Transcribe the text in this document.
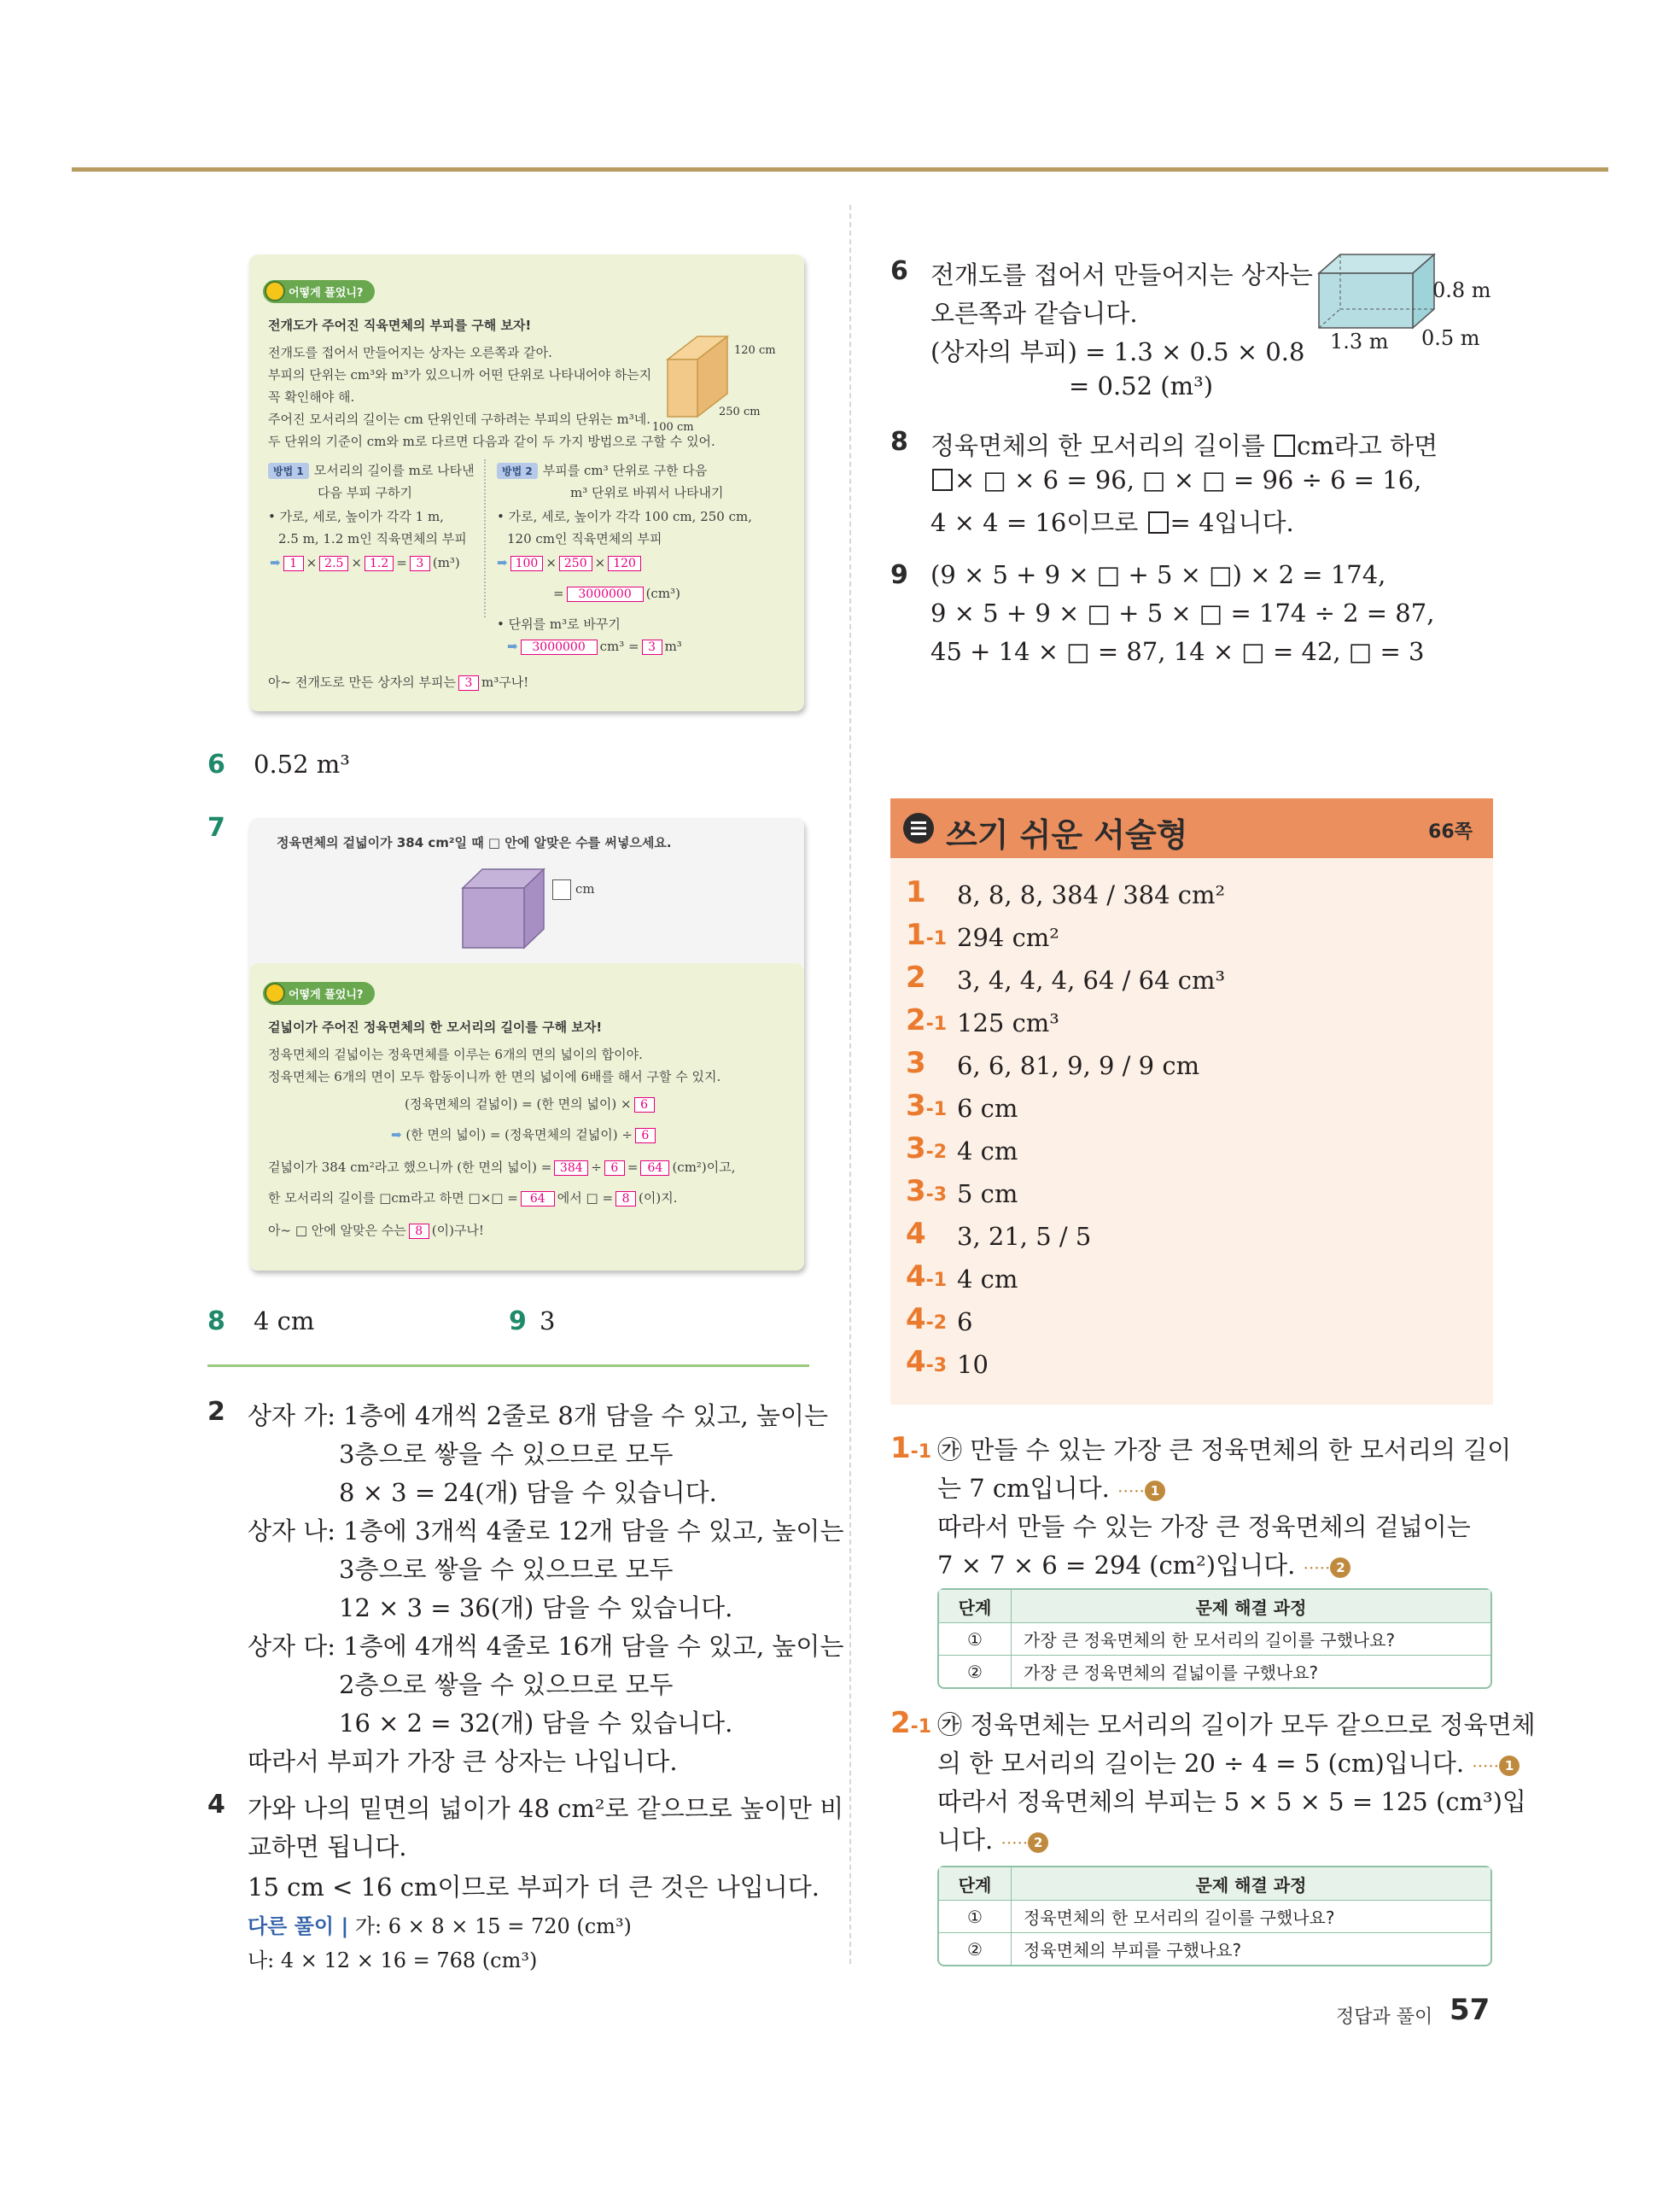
어떻게 풀었니?
전개도가 주어진 직육면체의 부피를 구해 보자!
전개도를 접어서 만들어지는 상자는 오른쪽과 같아.
부피의 단위는 cm³와 m³가 있으니까 어떤 단위로 나타내어야 하는지
꼭 확인해야 해.
주어진 모서리의 길이는 cm 단위인데 구하려는 부피의 단위는 m³네.
두 단위의 기준이 cm와 m로 다르면 다음과 같이 두 가지 방법으로 구할 수 있어.
120 cm
250 cm
100 cm
방법 1 모서리의 길이를 m로 나타낸
다음 부피 구하기
• 가로, 세로, 높이가 각각 1 m,
2.5 m, 1.2 m인 직육면체의 부피
➡ 1 × 2.5 × 1.2 = 3 (m³)
방법 2 부피를 cm³ 단위로 구한 다음
m³ 단위로 바꿔서 나타내기
• 가로, 세로, 높이가 각각 100 cm, 250 cm,
120 cm인 직육면체의 부피
➡ 100 × 250 × 120
= 3000000 (cm³)
• 단위를 m³로 바꾸기
➡ 3000000 cm³ = 3 m³
아~ 전개도로 만든 상자의 부피는 3 m³구나!
6 0.52 m³
7	정육면체의 겉넓이가 384 cm²일 때 □ 안에 알맞은 수를 써넣으세요.
cm
어떻게 풀었니?
겉넓이가 주어진 정육면체의 한 모서리의 길이를 구해 보자!
정육면체의 겉넓이는 정육면체를 이루는 6개의 면의 넓이의 합이야.
정육면체는 6개의 면이 모두 합동이니까 한 면의 넓이에 6배를 해서 구할 수 있지.
(정육면체의 겉넓이) = (한 면의 넓이) × 6
➡ (한 면의 넓이) = (정육면체의 겉넓이) ÷ 6
겉넓이가 384 cm²라고 했으니까 (한 면의 넓이) = 384 ÷ 6 = 64 (cm²)이고,
한 모서리의 길이를 □cm라고 하면 □×□ = 64 에서 □ = 8 (이)지.
아~ □ 안에 알맞은 수는 8 (이)구나!
8 4 cm	9 3
2 상자 가: 1층에 4개씩 2줄로 8개 담을 수 있고, 높이는
3층으로 쌓을 수 있으므로 모두
8 × 3 = 24(개) 담을 수 있습니다.
상자 나: 1층에 3개씩 4줄로 12개 담을 수 있고, 높이는
3층으로 쌓을 수 있으므로 모두
12 × 3 = 36(개) 담을 수 있습니다.
상자 다: 1층에 4개씩 4줄로 16개 담을 수 있고, 높이는
2층으로 쌓을 수 있으므로 모두
16 × 2 = 32(개) 담을 수 있습니다.
따라서 부피가 가장 큰 상자는 나입니다.
4 가와 나의 밑면의 넓이가 48 cm²로 같으므로 높이만 비
교하면 됩니다.
15 cm < 16 cm이므로 부피가 더 큰 것은 나입니다.
다른 풀이 | 가: 6 × 8 × 15 = 720 (cm³)
나: 4 × 12 × 16 = 768 (cm³)
6 전개도를 접어서 만들어지는 상자는
오른쪽과 같습니다.
(상자의 부피) = 1.3 × 0.5 × 0.8
= 0.52 (m³)
0.8 m
1.3 m 0.5 m
8 정육면체의 한 모서리의 길이를 cm라고 하면
× □ × 6 = 96, □ × □ = 96 ÷ 6 = 16,
4 × 4 = 16이므로 = 4입니다.
9 (9 × 5 + 9 × □ + 5 × □) × 2 = 174,
9 × 5 + 9 × □ + 5 × □ = 174 ÷ 2 = 87,
45 + 14 × □ = 87, 14 × □ = 42, □ = 3
쓰기 쉬운 서술형	66쪽
1 8, 8, 8, 384 / 384 cm²
1-1 294 cm²
2 3, 4, 4, 4, 64 / 64 cm³
2-1 125 cm³
3 6, 6, 81, 9, 9 / 9 cm
3-1 6 cm
3-2 4 cm
3-3 5 cm
4 3, 21, 5 / 5
4-1 4 cm
4-2 6
4-3 10
1-1 ㉮ 만들 수 있는 가장 큰 정육면체의 한 모서리의 길이
는 7 cm입니다. ····· 1
따라서 만들 수 있는 가장 큰 정육면체의 겉넓이는
7 × 7 × 6 = 294 (cm²)입니다. ····· 2
단계	문제 해결 과정
①	가장 큰 정육면체의 한 모서리의 길이를 구했나요?
②	가장 큰 정육면체의 겉넓이를 구했나요?
2-1 ㉮ 정육면체는 모서리의 길이가 모두 같으므로 정육면체
의 한 모서리의 길이는 20 ÷ 4 = 5 (cm)입니다. ····· 1
따라서 정육면체의 부피는 5 × 5 × 5 = 125 (cm³)입
니다. ····· 2
단계	문제 해결 과정
①	정육면체의 한 모서리의 길이를 구했나요?
②	정육면체의 부피를 구했나요?
정답과 풀이 57
